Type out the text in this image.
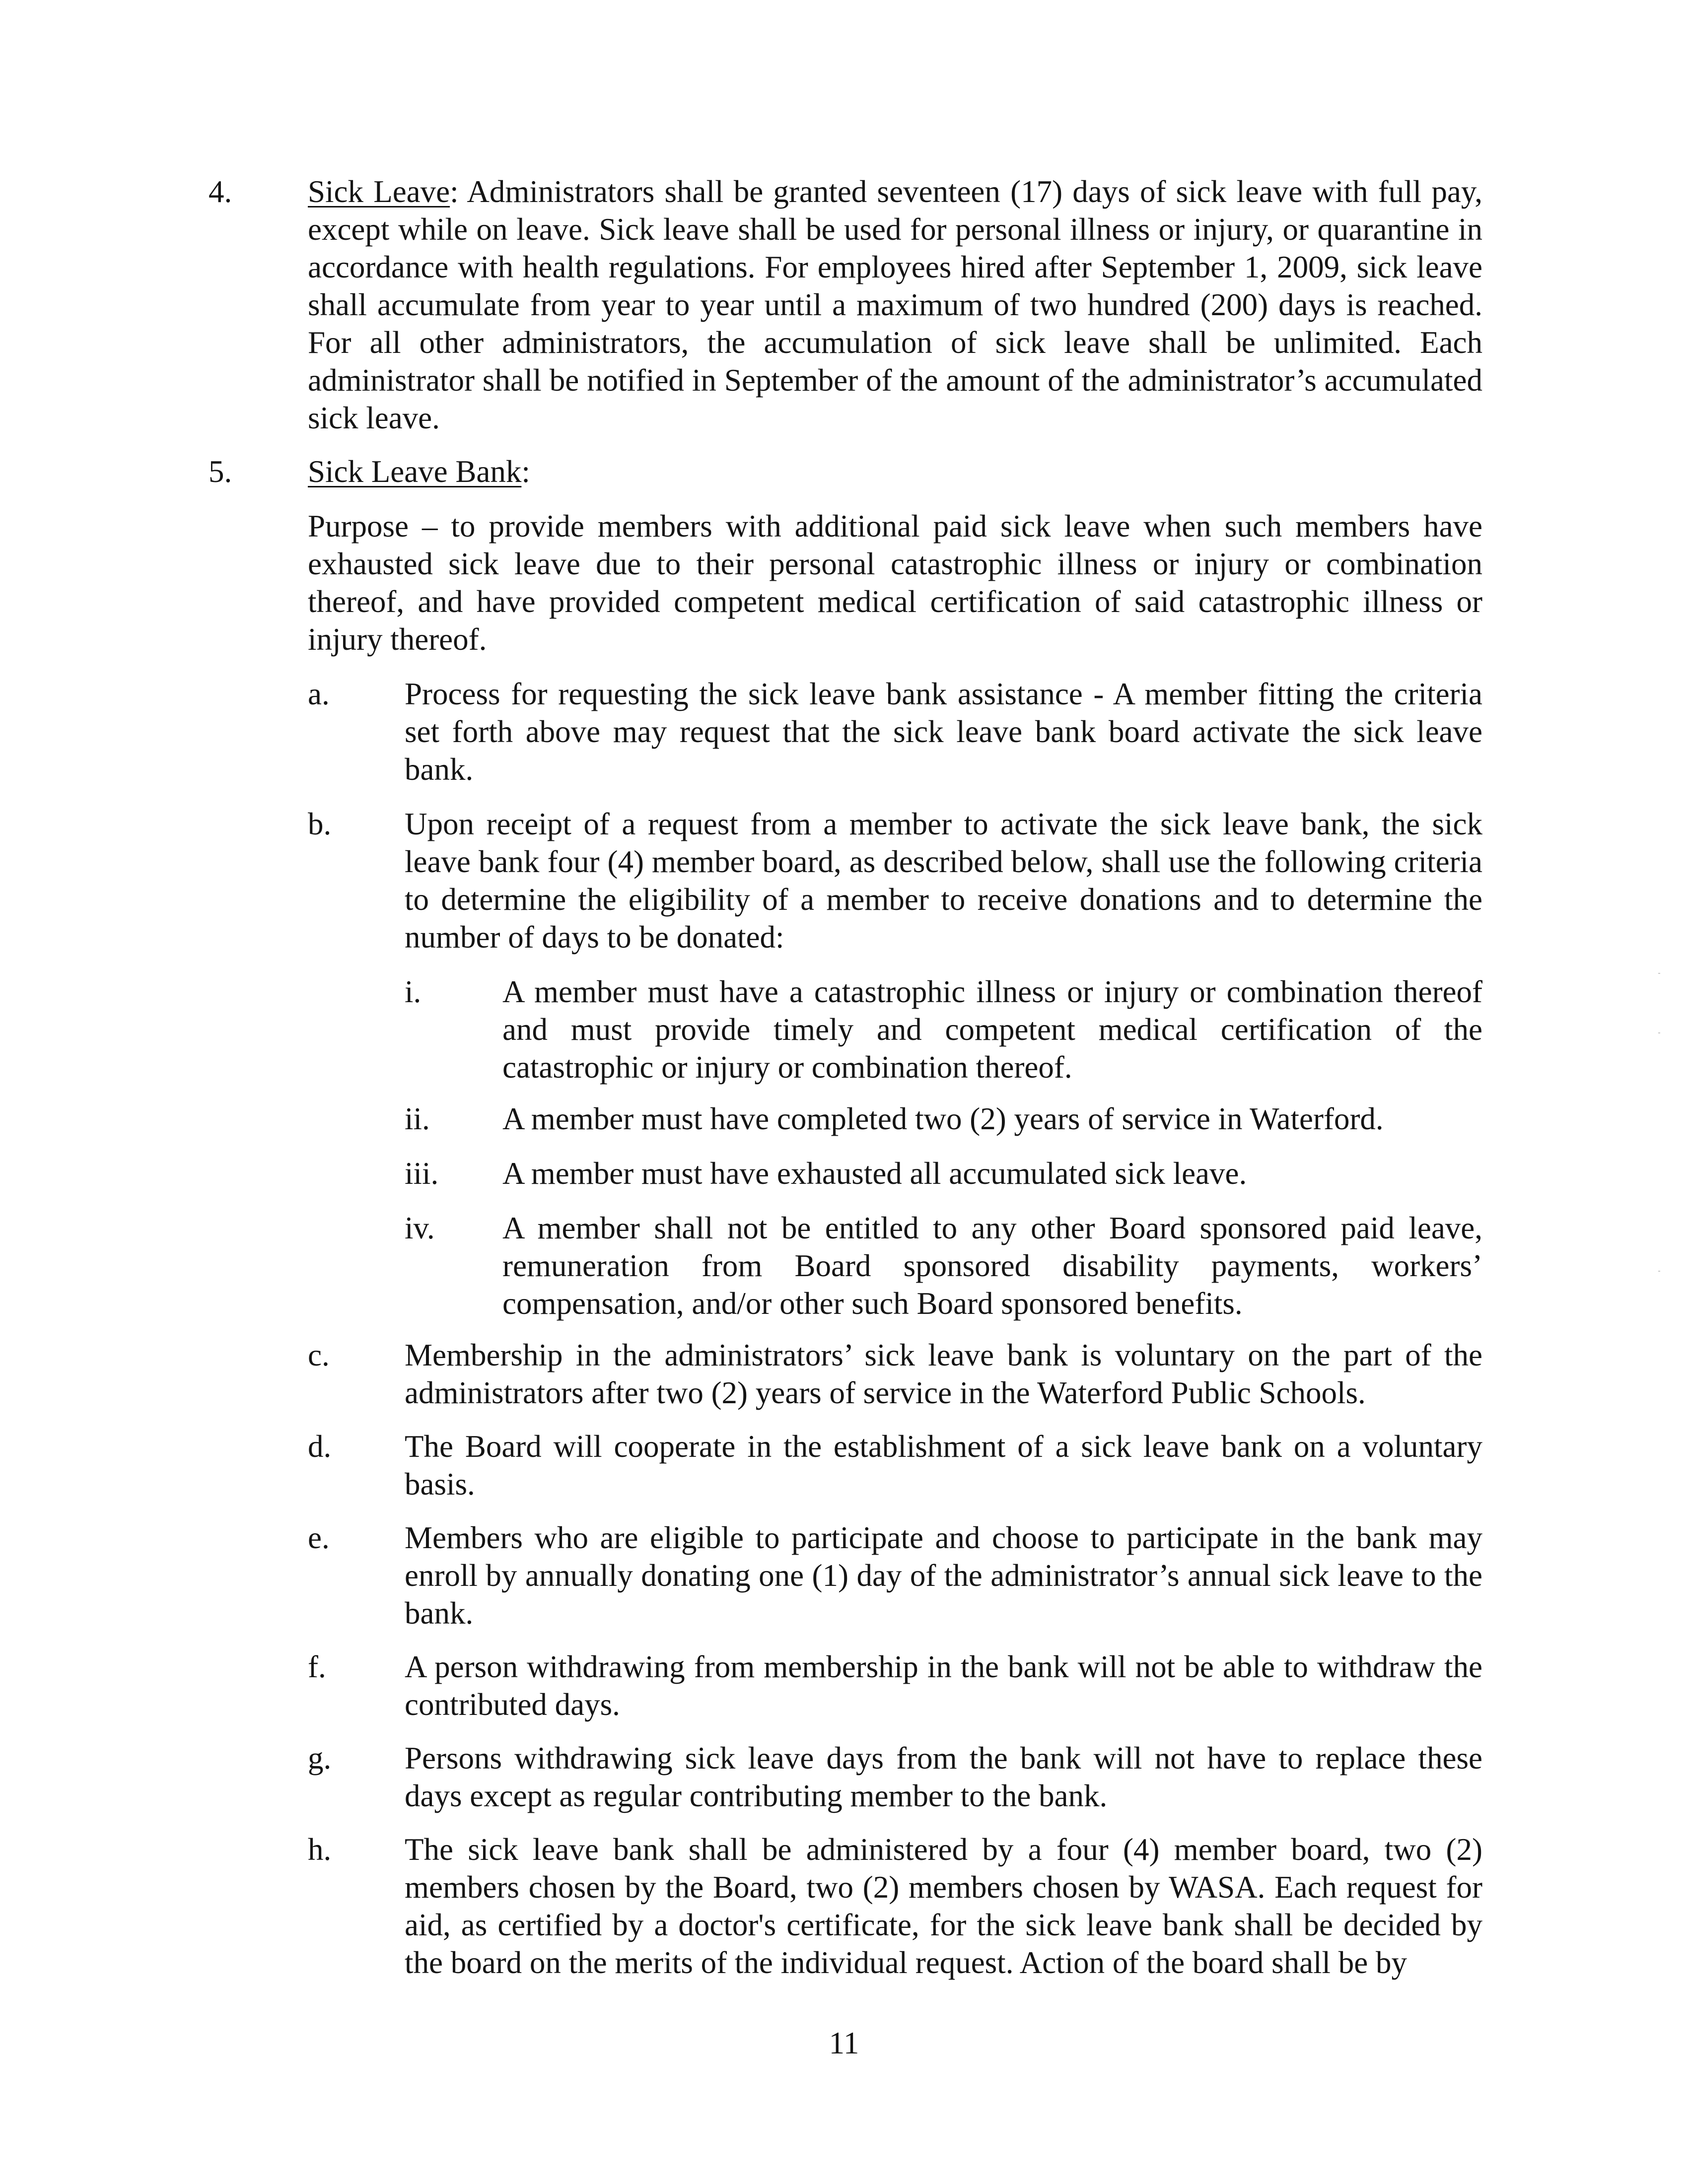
4. Sick Leave: Administrators shall be granted seventeen (17) days of sick leave with full pay, except while on leave. Sick leave shall be used for personal illness or injury, or quarantine in accordance with health regulations. For employees hired after September 1, 2009, sick leave shall accumulate from year to year until a maximum of two hundred (200) days is reached. For all other administrators, the accumulation of sick leave shall be unlimited. Each administrator shall be notified in September of the amount of the administrator’s accumulated sick leave.
5. Sick Leave Bank:
Purpose – to provide members with additional paid sick leave when such members have exhausted sick leave due to their personal catastrophic illness or injury or combination thereof, and have provided competent medical certification of said catastrophic illness or injury thereof.
a. Process for requesting the sick leave bank assistance - A member fitting the criteria set forth above may request that the sick leave bank board activate the sick leave bank.
b. Upon receipt of a request from a member to activate the sick leave bank, the sick leave bank four (4) member board, as described below, shall use the following criteria to determine the eligibility of a member to receive donations and to determine the number of days to be donated:
i.	A member must have a catastrophic illness or injury or combination thereof and must provide timely and competent medical certification of the catastrophic or injury or combination thereof.
ii. A member must have completed two (2) years of service in Waterford.
iii. A member must have exhausted all accumulated sick leave.
iv. A member shall not be entitled to any other Board sponsored paid leave, remuneration from Board sponsored disability payments, workers’ compensation, and/or other such Board sponsored benefits.
c. Membership in the administrators’ sick leave bank is voluntary on the part of the administrators after two (2) years of service in the Waterford Public Schools.
d. The Board will cooperate in the establishment of a sick leave bank on a voluntary basis.
e. Members who are eligible to participate and choose to participate in the bank may enroll by annually donating one (1) day of the administrator’s annual sick leave to the bank.
f.	A person withdrawing from membership in the bank will not be able to withdraw the contributed days.
g. Persons withdrawing sick leave days from the bank will not have to replace these days except as regular contributing member to the bank.
h. The sick leave bank shall be administered by a four (4) member board, two (2) members chosen by the Board, two (2) members chosen by WASA. Each request for aid, as certified by a doctor's certificate, for the sick leave bank shall be decided by the board on the merits of the individual request. Action of the board shall be by
11
